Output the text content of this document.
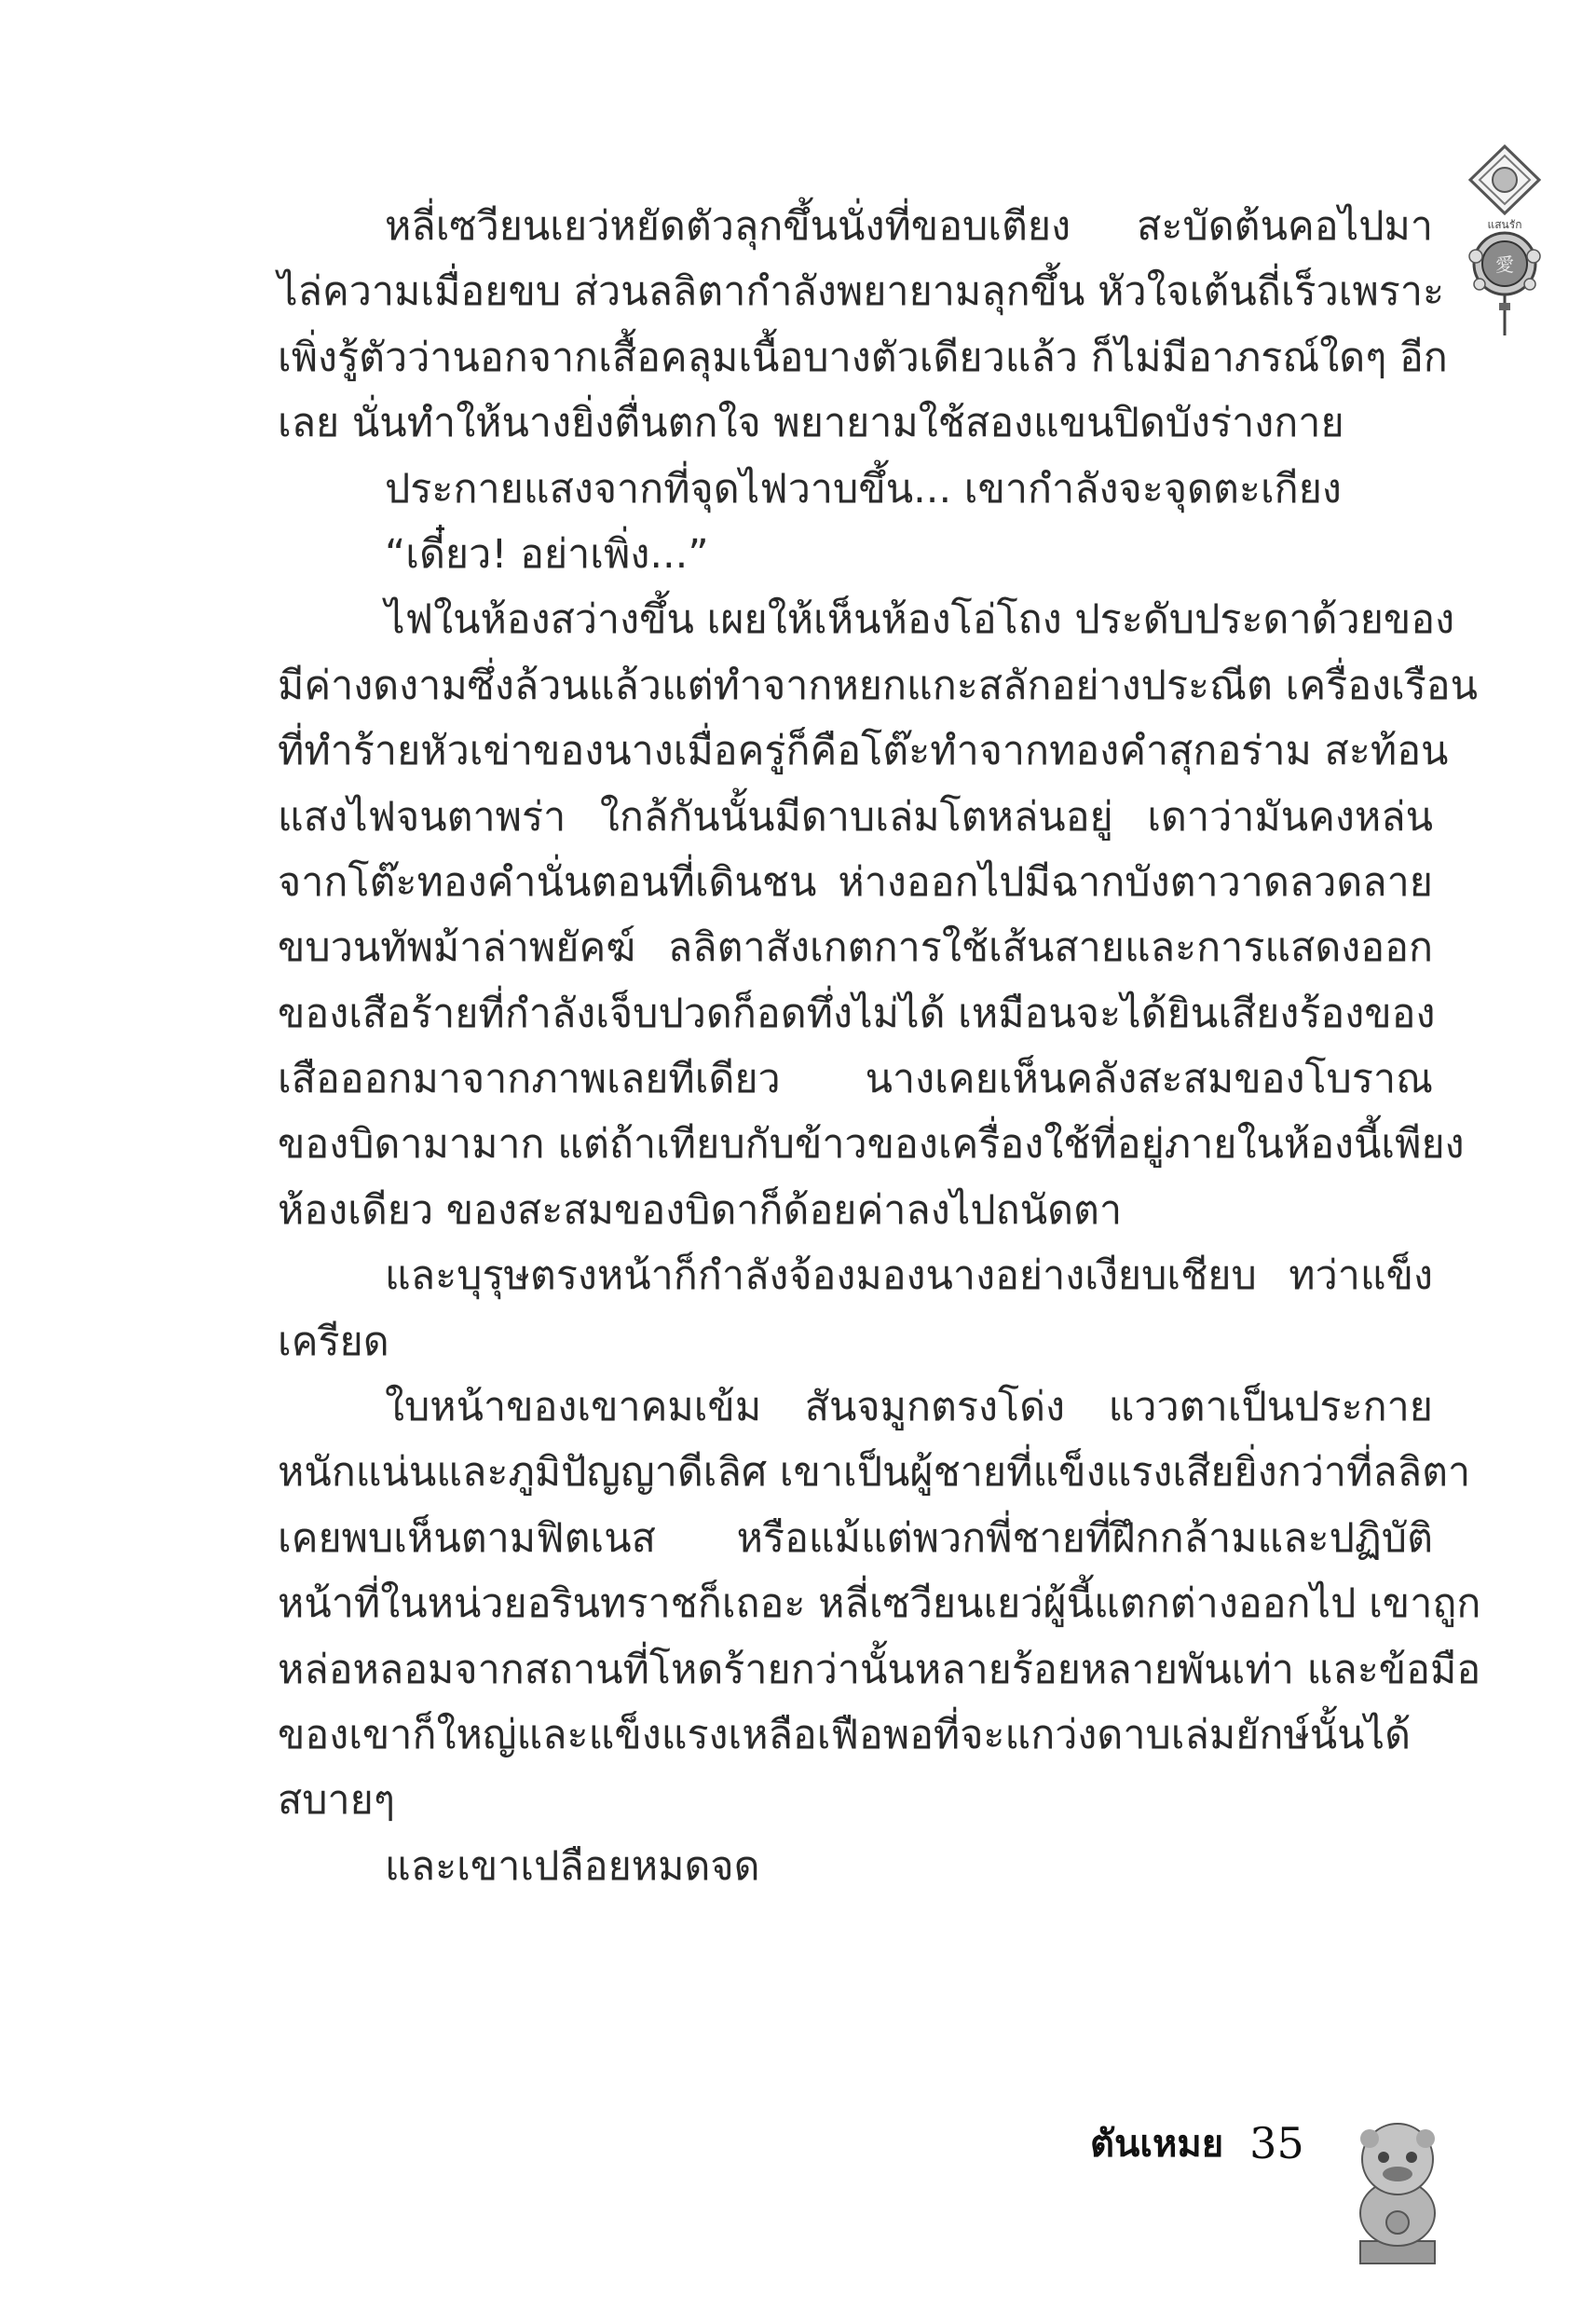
แสนรัก
愛
หลี่เซวียนเยว่หยัดตัวลุกขึ้นนั่งที่ขอบเตียง สะบัดต้นคอไปมา
ไล่ความเมื่อยขบ ส่วนลลิตากำลังพยายามลุกขึ้น หัวใจเต้นถี่เร็วเพราะ
เพิ่งรู้ตัวว่านอกจากเสื้อคลุมเนื้อบางตัวเดียวแล้ว ก็ไม่มีอาภรณ์ใดๆ อีก
เลย นั่นทำให้นางยิ่งตื่นตกใจ พยายามใช้สองแขนปิดบังร่างกาย
ประกายแสงจากที่จุดไฟวาบขึ้น... เขากำลังจะจุดตะเกียง
“เดี๋ยว! อย่าเพิ่ง...”
ไฟในห้องสว่างขึ้น เผยให้เห็นห้องโอ่โถง ประดับประดาด้วยของ
มีค่างดงามซึ่งล้วนแล้วแต่ทำจากหยกแกะสลักอย่างประณีต เครื่องเรือน
ที่ทำร้ายหัวเข่าของนางเมื่อครู่ก็คือโต๊ะทำจากทองคำสุกอร่าม สะท้อน
แสงไฟจนตาพร่า ใกล้กันนั้นมีดาบเล่มโตหล่นอยู่ เดาว่ามันคงหล่น
จากโต๊ะทองคำนั่นตอนที่เดินชน ห่างออกไปมีฉากบังตาวาดลวดลาย
ขบวนทัพม้าล่าพยัคฆ์ ลลิตาสังเกตการใช้เส้นสายและการแสดงออก
ของเสือร้ายที่กำลังเจ็บปวดก็อดทึ่งไม่ได้ เหมือนจะได้ยินเสียงร้องของ
เสือออกมาจากภาพเลยทีเดียว นางเคยเห็นคลังสะสมของโบราณ
ของบิดามามาก แต่ถ้าเทียบกับข้าวของเครื่องใช้ที่อยู่ภายในห้องนี้เพียง
ห้องเดียว ของสะสมของบิดาก็ด้อยค่าลงไปถนัดตา
และบุรุษตรงหน้าก็กำลังจ้องมองนางอย่างเงียบเชียบ ทว่าแข็ง
เครียด
ใบหน้าของเขาคมเข้ม สันจมูกตรงโด่ง แววตาเป็นประกาย
หนักแน่นและภูมิปัญญาดีเลิศ เขาเป็นผู้ชายที่แข็งแรงเสียยิ่งกว่าที่ลลิตา
เคยพบเห็นตามฟิตเนส หรือแม้แต่พวกพี่ชายที่ฝึกกล้ามและปฏิบัติ
หน้าที่ในหน่วยอรินทราชก็เถอะ หลี่เซวียนเยว่ผู้นี้แตกต่างออกไป เขาถูก
หล่อหลอมจากสถานที่โหดร้ายกว่านั้นหลายร้อยหลายพันเท่า และข้อมือ
ของเขาก็ใหญ่และแข็งแรงเหลือเฟือพอที่จะแกว่งดาบเล่มยักษ์นั้นได้
สบายๆ
และเขาเปลือยหมดจด
ตันเหมย 35
